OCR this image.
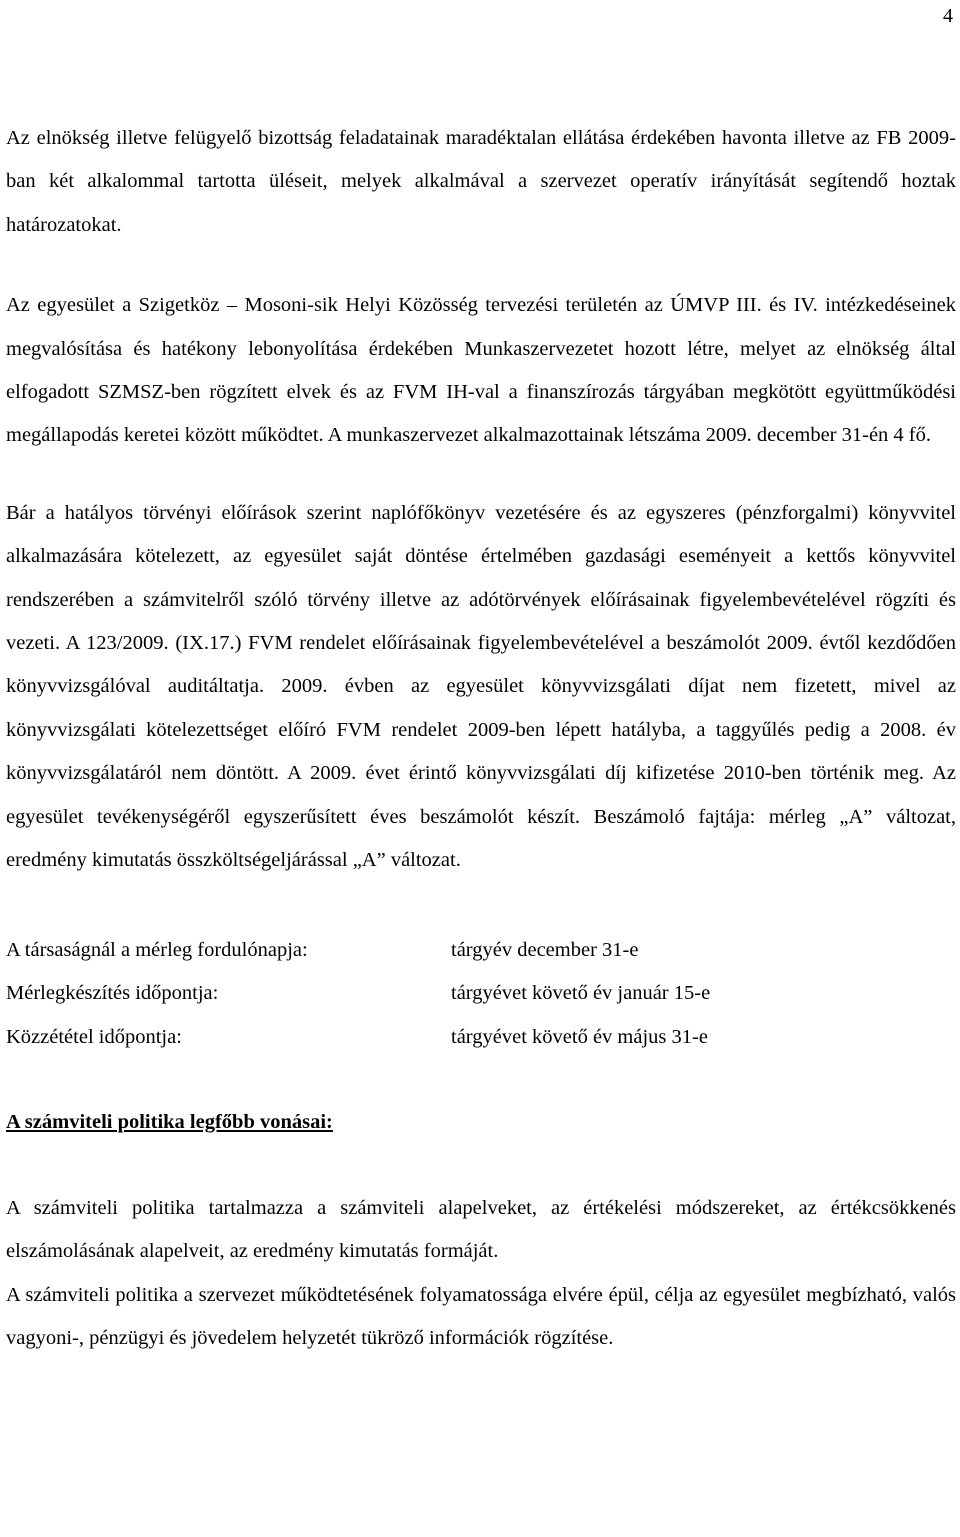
4

Az elnökség illetve felügyelő bizottság feladatainak maradéktalan ellátása érdekében havonta illetve az FB 2009-ban két alkalommal tartotta üléseit, melyek alkalmával a szervezet operatív irányítását segítendő hoztak határozatokat.

Az egyesület a Szigetköz – Mosoni-sik Helyi Közösség tervezési területén az ÚMVP III. és IV. intézkedéseinek megvalósítása és hatékony lebonyolítása érdekében Munkaszervezetet hozott létre, melyet az elnökség által elfogadott SZMSZ-ben rögzített elvek és az FVM IH-val a finanszírozás tárgyában megkötött együttműködési megállapodás keretei között működtet. A munkaszervezet alkalmazottainak létszáma 2009. december 31-én 4 fő.

Bár a hatályos törvényi előírások szerint naplófőkönyv vezetésére és az egyszeres (pénzforgalmi) könyvvitel alkalmazására kötelezett, az egyesület saját döntése értelmében gazdasági eseményeit a kettős könyvvitel rendszerében a számvitelről szóló törvény illetve az adótörvények előírásainak figyelembevételével rögzíti és vezeti. A 123/2009. (IX.17.) FVM rendelet előírásainak figyelembevételével a beszámolót 2009. évtől kezdődően könyvvizsgálóval auditáltatja. 2009. évben az egyesület könyvvizsgálati díjat nem fizetett, mivel az könyvvizsgálati kötelezettséget előíró FVM rendelet 2009-ben lépett hatályba, a taggyűlés pedig a 2008. év könyvvizsgálatáról nem döntött. A 2009. évet érintő könyvvizsgálati díj kifizetése 2010-ben történik meg. Az egyesület tevékenységéről egyszerűsített éves beszámolót készít. Beszámoló fajtája: mérleg „A” változat, eredmény kimutatás összköltségeljárással „A” változat.

A társaságnál a mérleg fordulónapja:	tárgyév december 31-e
Mérlegkészítés időpontja:	tárgyévet követő év január 15-e
Közzététel időpontja:	tárgyévet követő év május 31-e
A számviteli politika legfőbb vonásai:

A számviteli politika tartalmazza a számviteli alapelveket, az értékelési módszereket, az értékcsökkenés elszámolásának alapelveit, az eredmény kimutatás formáját.

A számviteli politika a szervezet működtetésének folyamatossága elvére épül, célja az egyesület megbízható, valós vagyoni-, pénzügyi és jövedelem helyzetét tükröző információk rögzítése.
